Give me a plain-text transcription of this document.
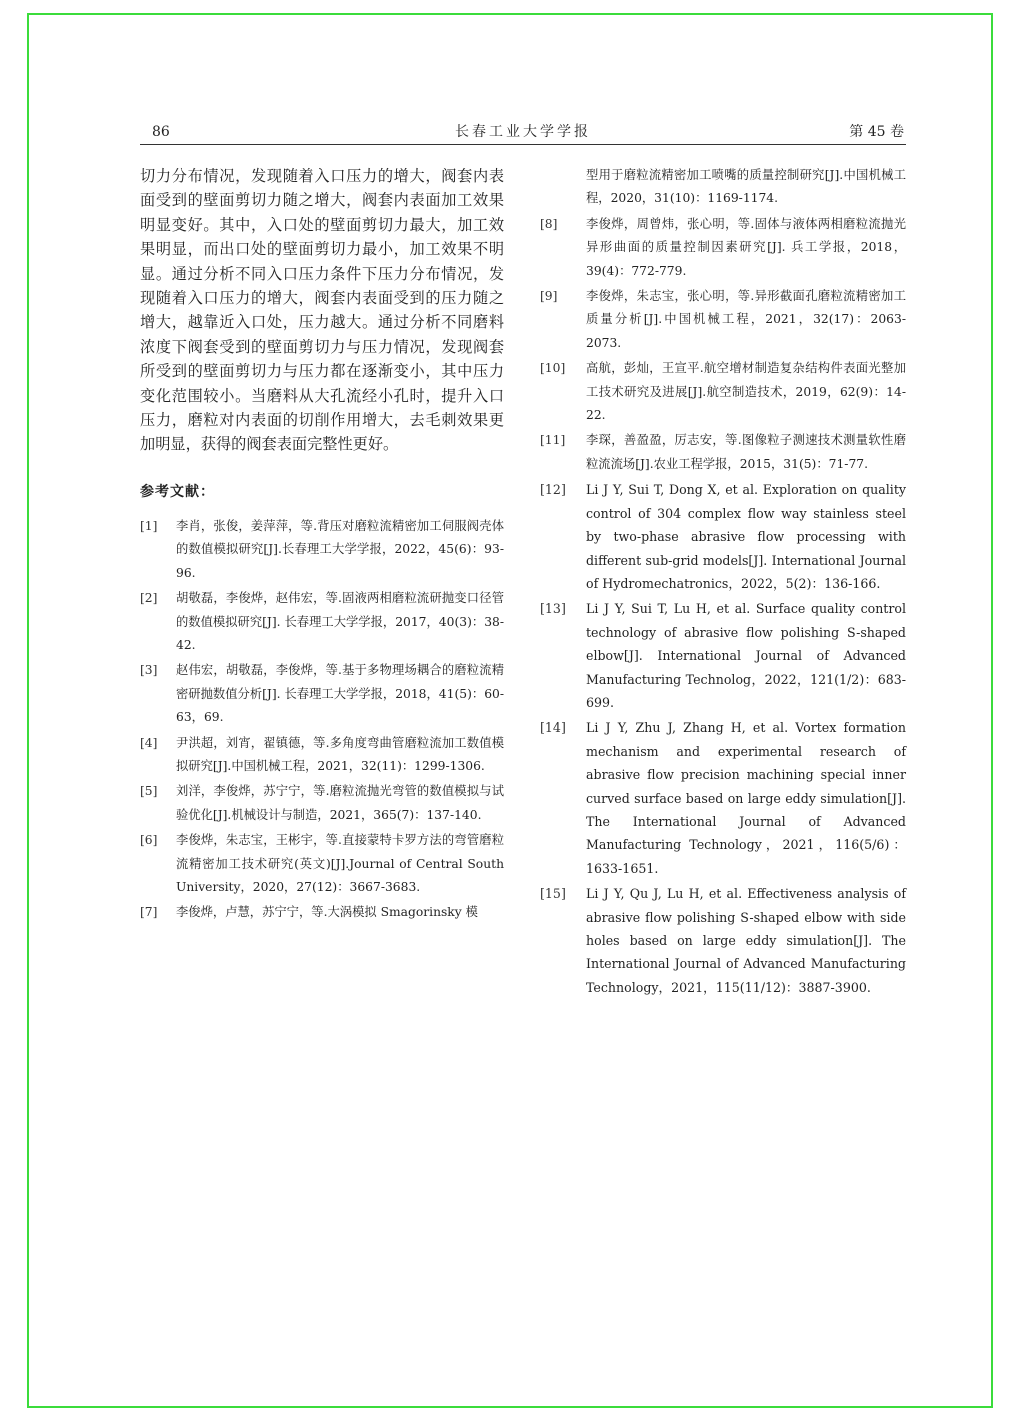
86	长春工业大学学报	第 45 卷

切力分布情况，发现随着入口压力的增大，阀套内表面受到的壁面剪切力随之增大，阀套内表面加工效果明显变好。其中，入口处的壁面剪切力最大，加工效果明显，而出口处的壁面剪切力最小，加工效果不明显。通过分析不同入口压力条件下压力分布情况，发现随着入口压力的增大，阀套内表面受到的压力随之增大，越靠近入口处，压力越大。通过分析不同磨料浓度下阀套受到的壁面剪切力与压力情况，发现阀套所受到的壁面剪切力与压力都在逐渐变小，其中压力变化范围较小。当磨料从大孔流经小孔时，提升入口压力，磨粒对内表面的切削作用增大，去毛刺效果更加明显，获得的阀套表面完整性更好。

参考文献：
[1]	李肖，张俊，姜萍萍，等.背压对磨粒流精密加工伺服阀壳体的数值模拟研究[J].长春理工大学学报，2022，45(6)：93-96.
[2]	胡敬磊，李俊烨，赵伟宏，等.固液两相磨粒流研抛变口径管的数值模拟研究[J]. 长春理工大学学报，2017，40(3)：38-42.
[3]	赵伟宏，胡敬磊，李俊烨，等.基于多物理场耦合的磨粒流精密研抛数值分析[J]. 长春理工大学学报，2018，41(5)：60-63，69.
[4]	尹洪超，刘宵，翟镇德，等.多角度弯曲管磨粒流加工数值模拟研究[J].中国机械工程，2021，32(11)：1299-1306.
[5]	刘洋，李俊烨，苏宁宁，等.磨粒流抛光弯管的数值模拟与试验优化[J].机械设计与制造，2021，365(7)：137-140.
[6]	李俊烨，朱志宝，王彬宇，等.直接蒙特卡罗方法的弯管磨粒流精密加工技术研究(英文)[J].Journal of Central South University，2020，27(12)：3667-3683.
[7]	李俊烨，卢慧，苏宁宁，等.大涡模拟 Smagorinsky 模
型用于磨粒流精密加工喷嘴的质量控制研究[J].中国机械工程，2020，31(10)：1169-1174.
[8]	李俊烨，周曾炜，张心明，等.固体与液体两相磨粒流抛光异形曲面的质量控制因素研究[J]. 兵工学报，2018，39(4)：772-779.
[9]	李俊烨，朱志宝，张心明，等.异形截面孔磨粒流精密加工质量分析[J].中国机械工程，2021，32(17)：2063-2073.
[10]	高航，彭灿，王宣平.航空增材制造复杂结构件表面光整加工技术研究及进展[J].航空制造技术，2019，62(9)：14-22.
[11]	李琛，善盈盈，厉志安，等.图像粒子测速技术测量软性磨粒流流场[J].农业工程学报，2015，31(5)：71-77.
[12]	Li J Y, Sui T, Dong X, et al. Exploration on quality control of 304 complex flow way stainless steel by two-phase abrasive flow processing with different sub-grid models[J]. International Journal of Hydromechatronics，2022，5(2)：136-166.
[13]	Li J Y, Sui T, Lu H, et al. Surface quality control technology of abrasive flow polishing S-shaped elbow[J]. International Journal of Advanced Manufacturing Technolog，2022，121(1/2)：683-699.
[14]	Li J Y, Zhu J, Zhang H, et al. Vortex formation mechanism and experimental research of abrasive flow precision machining special inner curved surface based on large eddy simulation[J]. The International Journal of Advanced Manufacturing Technology，2021，116(5/6)：1633-1651.
[15]	Li J Y, Qu J, Lu H, et al. Effectiveness analysis of abrasive flow polishing S-shaped elbow with side holes based on large eddy simulation[J]. The International Journal of Advanced Manufacturing Technology，2021，115(11/12)：3887-3900.
